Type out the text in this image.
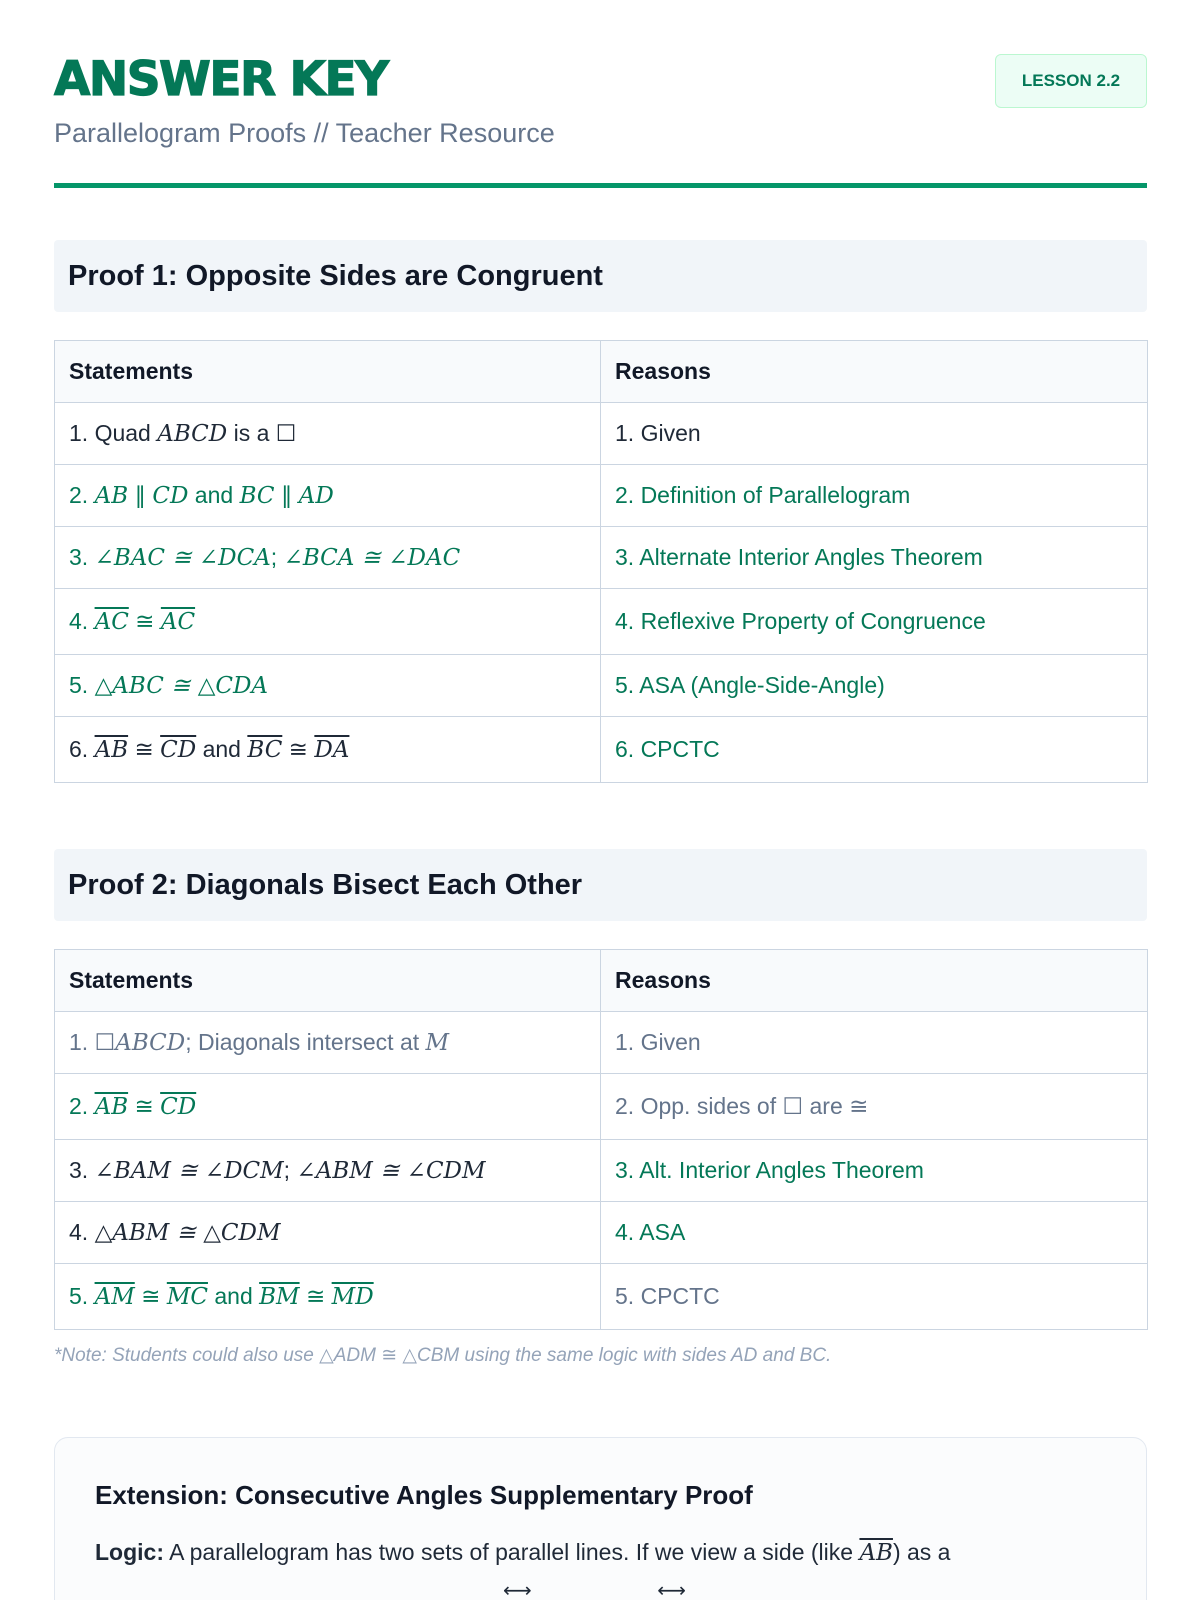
ANSWER KEY
Parallelogram Proofs // Teacher Resource
LESSON 2.2
Proof 1: Opposite Sides are Congruent
Statements	Reasons
1. Quad ABCD is a ☐	1. Given
2. AB ∥ CD and BC ∥ AD	2. Definition of Parallelogram
3. ∠BAC ≅ ∠DCA; ∠BCA ≅ ∠DAC	3. Alternate Interior Angles Theorem
4. $\overline{AC}$ ≅ $\overline{AC}$	4. Reflexive Property of Congruence
5. △ABC ≅ △CDA	5. ASA (Angle-Side-Angle)
6. $\overline{AB}$ ≅ $\overline{CD}$ and $\overline{BC}$ ≅ $\overline{DA}$	6. CPCTC
Proof 2: Diagonals Bisect Each Other
Statements	Reasons
1. ☐ABCD; Diagonals intersect at M	1. Given
2. $\overline{AB}$ ≅ $\overline{CD}$	2. Opp. sides of ☐ are ≅
3. ∠BAM ≅ ∠DCM; ∠ABM ≅ ∠CDM	3. Alt. Interior Angles Theorem
4. △ABM ≅ △CDM	4. ASA
5. $\overline{AM}$ ≅ $\overline{MC}$ and $\overline{BM}$ ≅ $\overline{MD}$	5. CPCTC
*Note: Students could also use △ADM ≅ △CBM using the same logic with sides AD and BC.
Extension: Consecutive Angles Supplementary Proof
Logic: A parallelogram has two sets of parallel lines. If we view a side (like $\overline{AB}$) as a
⟷ ⟷
